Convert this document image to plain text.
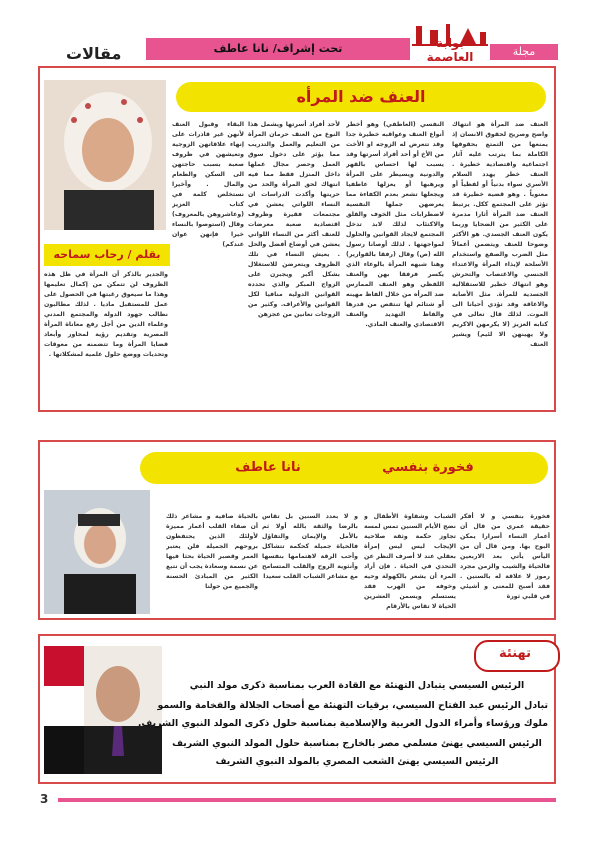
مقالات	تحت إشراف/ نانا عاطف	بوابة العاصمة	مجلة
العنف ضد المرأه
بقلم / رحاب سماحه
العنف ضد المرأة هو انتهاك واضح وصريح لحقوق الانسان إذ يمنعها من التمتع بحقوقها الكاملة بما يترتب عليه آثار اجتماعية واقتصادية خطيرة . العنف خطر يهدد السلام الأسري سواء بدنياً أو لفظياً أو معنوياً . وهو قضية خطيرة قد تؤثر على المجتمع ككل. يرتبط العنف ضد المرأة أثارا مدمرة على الكثير من الضحايا وربما يكون العنف الجسدي. هو الأكثر وضوحا للعنف ويتضمن أعمالاً مثل الضرب والصفع واستخدام الأسلحة لإيذاء المرأة والاعتداء الجنسي والاغتصاب والتحرش وهو انتهاك خطير للاستقلالية الجسدية للمرأة. مثل الأصابة والاعاقة وقد تؤدي أحيانا الى الموت. لذلك قال تعالى في كتابه العزيز (لا يكرمهن الاكريم ولا يهينهن الا لئيم) ويشير العنف
النفسي (العاطفي) وهو أخطر أنواع العنف وعواقبه خطيرة جدا وقد تتعرض له الزوجه او الأخت من الأخ أو أحد أفراد أسرتها وقد يسبب لها احساس بالقهر والدونية ويسيطر على المرأة ويرهبها أو يعزلها عاطفيا ويجعلها تشعر بعدم الكفاءة مما يعرضهن جملها النفسية لاضطرابات مثل الخوف والقلق والاكتئاب لذلك لابد تدخل المجتمع لايجاد القوانين والحلول لمواجهتها . لذلك أوصانا رسول الله (ص) وقال (رفقا بالقوارير) وهنا شبهه المرأة بالوعاء الذي يكسر فرفقا بهن والعنف اللفظي وهو العنف الممارس ضد المرأه من خلال الفاظ مهينه أو شتائم لها تنتقص من قدرها والفاظ التهديد والعنف الاقتصادي والعنف المادي.
لأحد أفراد أسرتها ويشمل هذا النوع من العنف حرمان المرأة من التعليم والعمل والتدريب مما يؤثر على دخول سوق العمل وحصر مجال عملها داخل المنزل فقط مما فيه انتهاك لحق المرأة والحد من حريتها وأكدت الدراسات ان النساء اللواتي يعشن في مجتمعات فقيرة وظروف اقتصادية صعبة معرضات للعنف أكثر من النساء اللواتي يعشن في أوضاع أفضل والحل . يعيش النساء في تلك الظروف ويتعرضن للاستغلال بشكل أكبر ويجبرن على الزواج المبكر والذي تحدده القوانين الدولية منافيا لكل القوانين والأعراف. وكثير من الزوجات تعانين من عجزهن
البقاء وقبول العنف لأنهن غير قادرات على إنهاء علاقاتهن الزوجية وتعيشهن في ظروف صعبة بسبب حاجتهن الى السكن والطعام والمال . وأخيرا نستخلص كلمة في كتاب العزيز (وعاشروهن بالمعروف) وقال (استوصوا بالنساء خيرا فإنهن عوان عندكم)
والجدير بالذكر أن المرأة في ظل هذه الظروف لن تتمكن من إكمال تعليمها وهذا ما سيعوق رغبتها في الحصول على عمل للمستقبل ماديا . لذلك مطالبون نطالب جهود الدولة والمجتمع المدني وعلماء الدين من أجل رفع معاناة المرأة المصرية وتقديم رؤية لمحاور وأبعاد قضايا المرأة وما تتضمنه من معوقات وتحديات ووضع حلول علمية لمشكلاتها .
فخورة بنفسي
نانا عاطف
فخورة بنفسي و لا أفكر حقيقة عمري من قال أن أعمار النساء أسرارا يمكن البوح بها. ومن قال أن من اليأس يأتي بعد الاربعين فالحياة والشيب والزمن مجرد رموز لا علاقة له بالسنين . فقد أصبح للمعنى و أشيئي في قلبي ثورة
الشباب وشقاوة الأطفال و نضج الأيام السنين تمس لمسة تجاوز حكمة وثقة صلاحية الإيجاب ليس ليس إمرأة بعقلي عند لا أصرف النظر عن التحدي في الحياة . فإن أراد المرء أن يشعر بالكهولة وحيه وخوفه من الهرب فقد يستسلم ويسمن العشرين الحياة لا تقاس بالأرقام
و لا بعدد السنين بل تقاس بالرضا والثقة بالله أولا ثم بالأمل والإيمان والتفاؤل فالحياة جميلة كحكمة تتشاكل وأحب الرقة لاهتمامها بنفسها وأنثوية الروح والقلب المتسامح مع مشاعر الشباب القلب سعيدا
بالحياة صافية و مشاعر ذلك أن صفاء القلب أعمار مميزة لأولئك الذين يحتفظون بروحهم الجميلة فلن يعتبر العمر وقصبر الحياة بحثا فيها عن نسمة وسعادة يجب أن نتبع الكثير من المبادئ الحسنة والجميع من حولنا
تهنئة
الرئيس السيسي يتبادل التهنئة مع القادة العرب بمناسبة ذكرى مولد النبي
تبادل الرئيس عبد الفتاح السيسي، برقيات التهنئة مع أصحاب الجلالة والفخامة والسمو
ملوك ورؤساء وأمراء الدول العربية والإسلامية بمناسبة حلول ذكرى المولد النبوي الشريف.
الرئيس السيسي يهنئ مسلمي مصر بالخارج بمناسبة حلول المولد النبوي الشريف
الرئيس السيسي يهنئ الشعب المصري بالمولد النبوي الشريف
3
